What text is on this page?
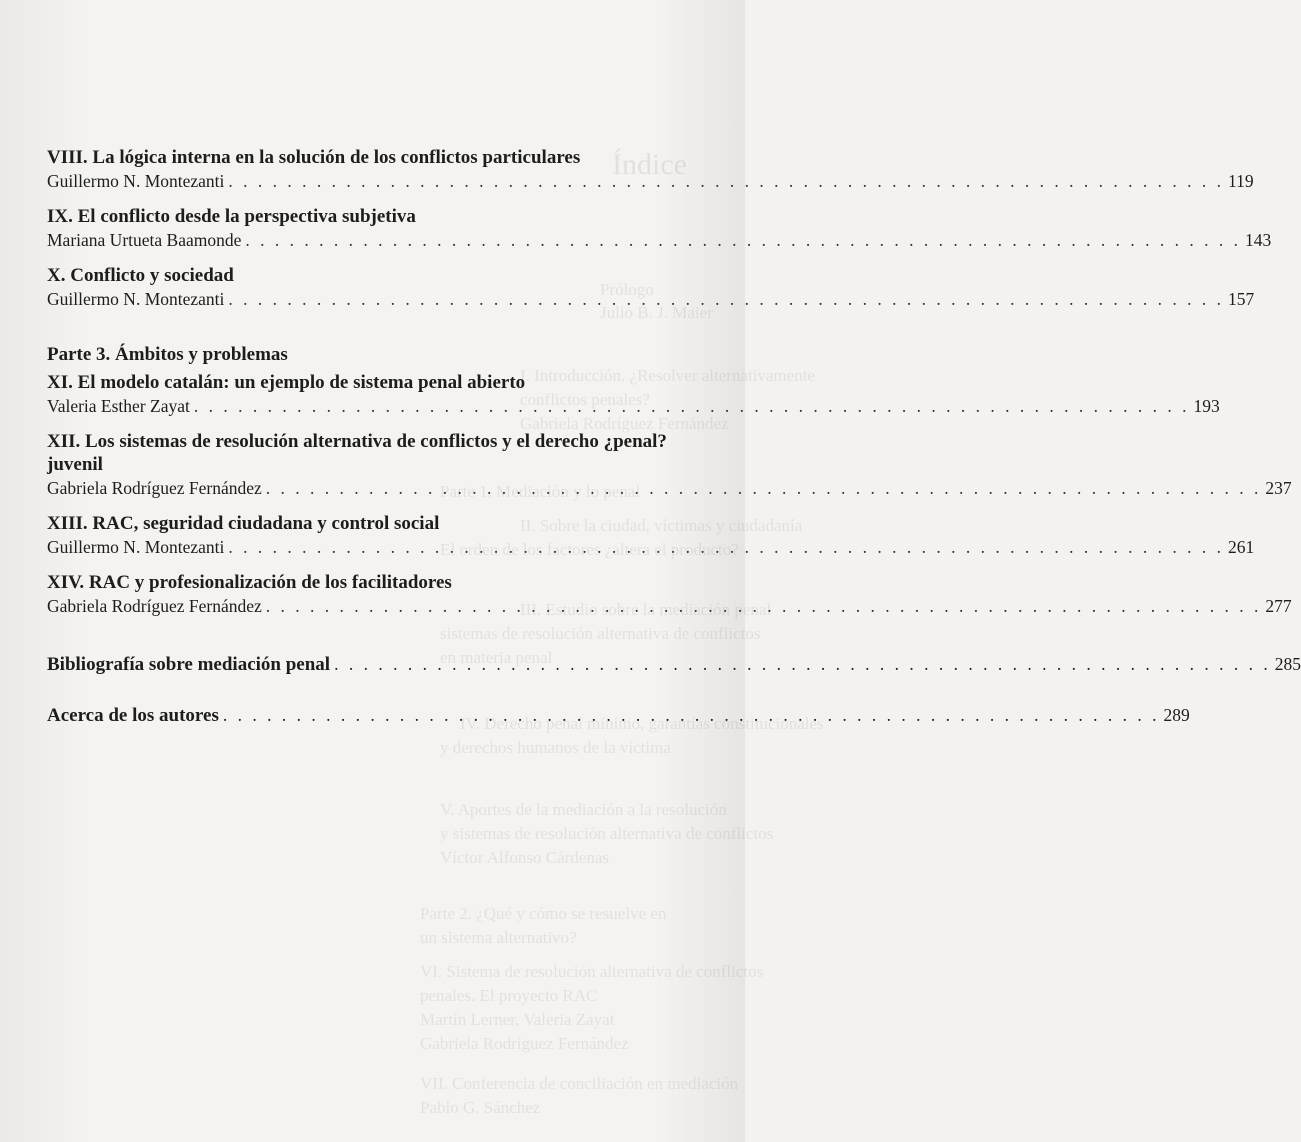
Índice
Prólogo
Julio B. J. Maier
I. Introducción. ¿Resolver alternativamente
conflictos penales?
Gabriela Rodríguez Fernández
Parte 1. Mediación y lo penal
II. Sobre la ciudad, víctimas y ciudadanía
El orden de los factores ¿altera el producto?
III. Estudio sobre la mediación penal
sistemas de resolución alternativa de conflictos
en materia penal
IV. Derecho penal mínimo, garantías constitucionales
y derechos humanos de la víctima
V. Aportes de la mediación a la resolución
y sistemas de resolución alternativa de conflictos
Víctor Alfonso Cárdenas
Parte 2. ¿Qué y cómo se resuelve en
un sistema alternativo?
VI. Sistema de resolución alternativa de conflictos
penales. El proyecto RAC
Martín Lerner, Valeria Zayat
Gabriela Rodríguez Fernández
VII. Conferencia de conciliación en mediación
Pablo G. Sánchez
VIII. La lógica interna en la solución de los conflictos particulares
Guillermo N. Montezanti . . .	119
IX. El conflicto desde la perspectiva subjetiva
Mariana Urtueta Baamonde . . .	143
X. Conflicto y sociedad
Guillermo N. Montezanti . . .	157
Parte 3. Ámbitos y problemas
XI. El modelo catalán: un ejemplo de sistema penal abierto
Valeria Esther Zayat . . .	193
XII. Los sistemas de resolución alternativa de conflictos y el derecho ¿penal? juvenil
Gabriela Rodríguez Fernández . . .	237
XIII. RAC, seguridad ciudadana y control social
Guillermo N. Montezanti . . .	261
XIV. RAC y profesionalización de los facilitadores
Gabriela Rodríguez Fernández . . .	277
Bibliografía sobre mediación penal . . .	285
Acerca de los autores . . .	289
